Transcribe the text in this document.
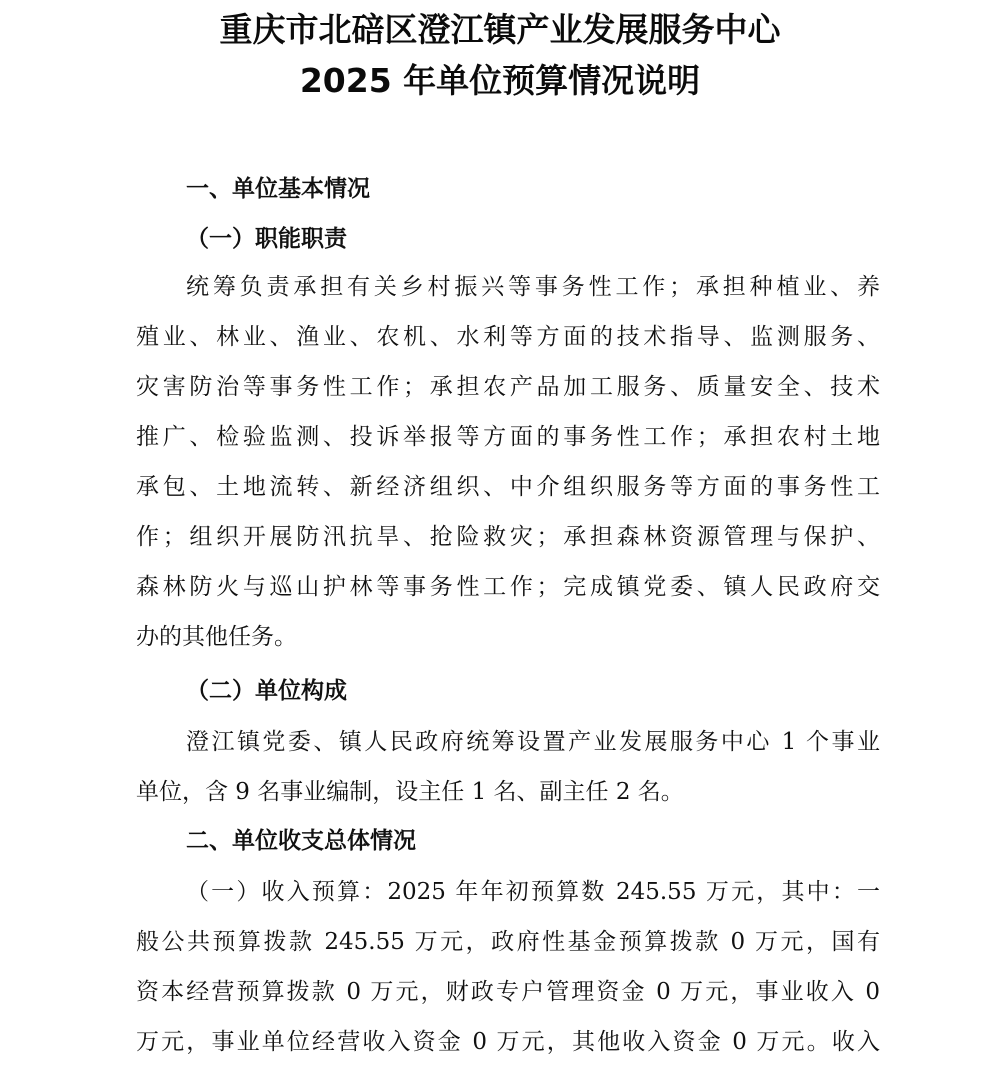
重庆市北碚区澄江镇产业发展服务中心
2025 年单位预算情况说明
一、单位基本情况
（一）职能职责
统筹负责承担有关乡村振兴等事务性工作；承担种植业、养
殖业、林业、渔业、农机、水利等方面的技术指导、监测服务、
灾害防治等事务性工作；承担农产品加工服务、质量安全、技术
推广、检验监测、投诉举报等方面的事务性工作；承担农村土地
承包、土地流转、新经济组织、中介组织服务等方面的事务性工
作；组织开展防汛抗旱、抢险救灾；承担森林资源管理与保护、
森林防火与巡山护林等事务性工作；完成镇党委、镇人民政府交
办的其他任务。
（二）单位构成
澄江镇党委、镇人民政府统筹设置产业发展服务中心 1 个事业
单位，含 9 名事业编制，设主任 1 名、副主任 2 名。
二、单位收支总体情况
（一）收入预算：2025 年年初预算数 245.55 万元，其中：一
般公共预算拨款 245.55 万元，政府性基金预算拨款 0 万元，国有
资本经营预算拨款 0 万元，财政专户管理资金 0 万元，事业收入 0
万元，事业单位经营收入资金 0 万元，其他收入资金 0 万元。收入
